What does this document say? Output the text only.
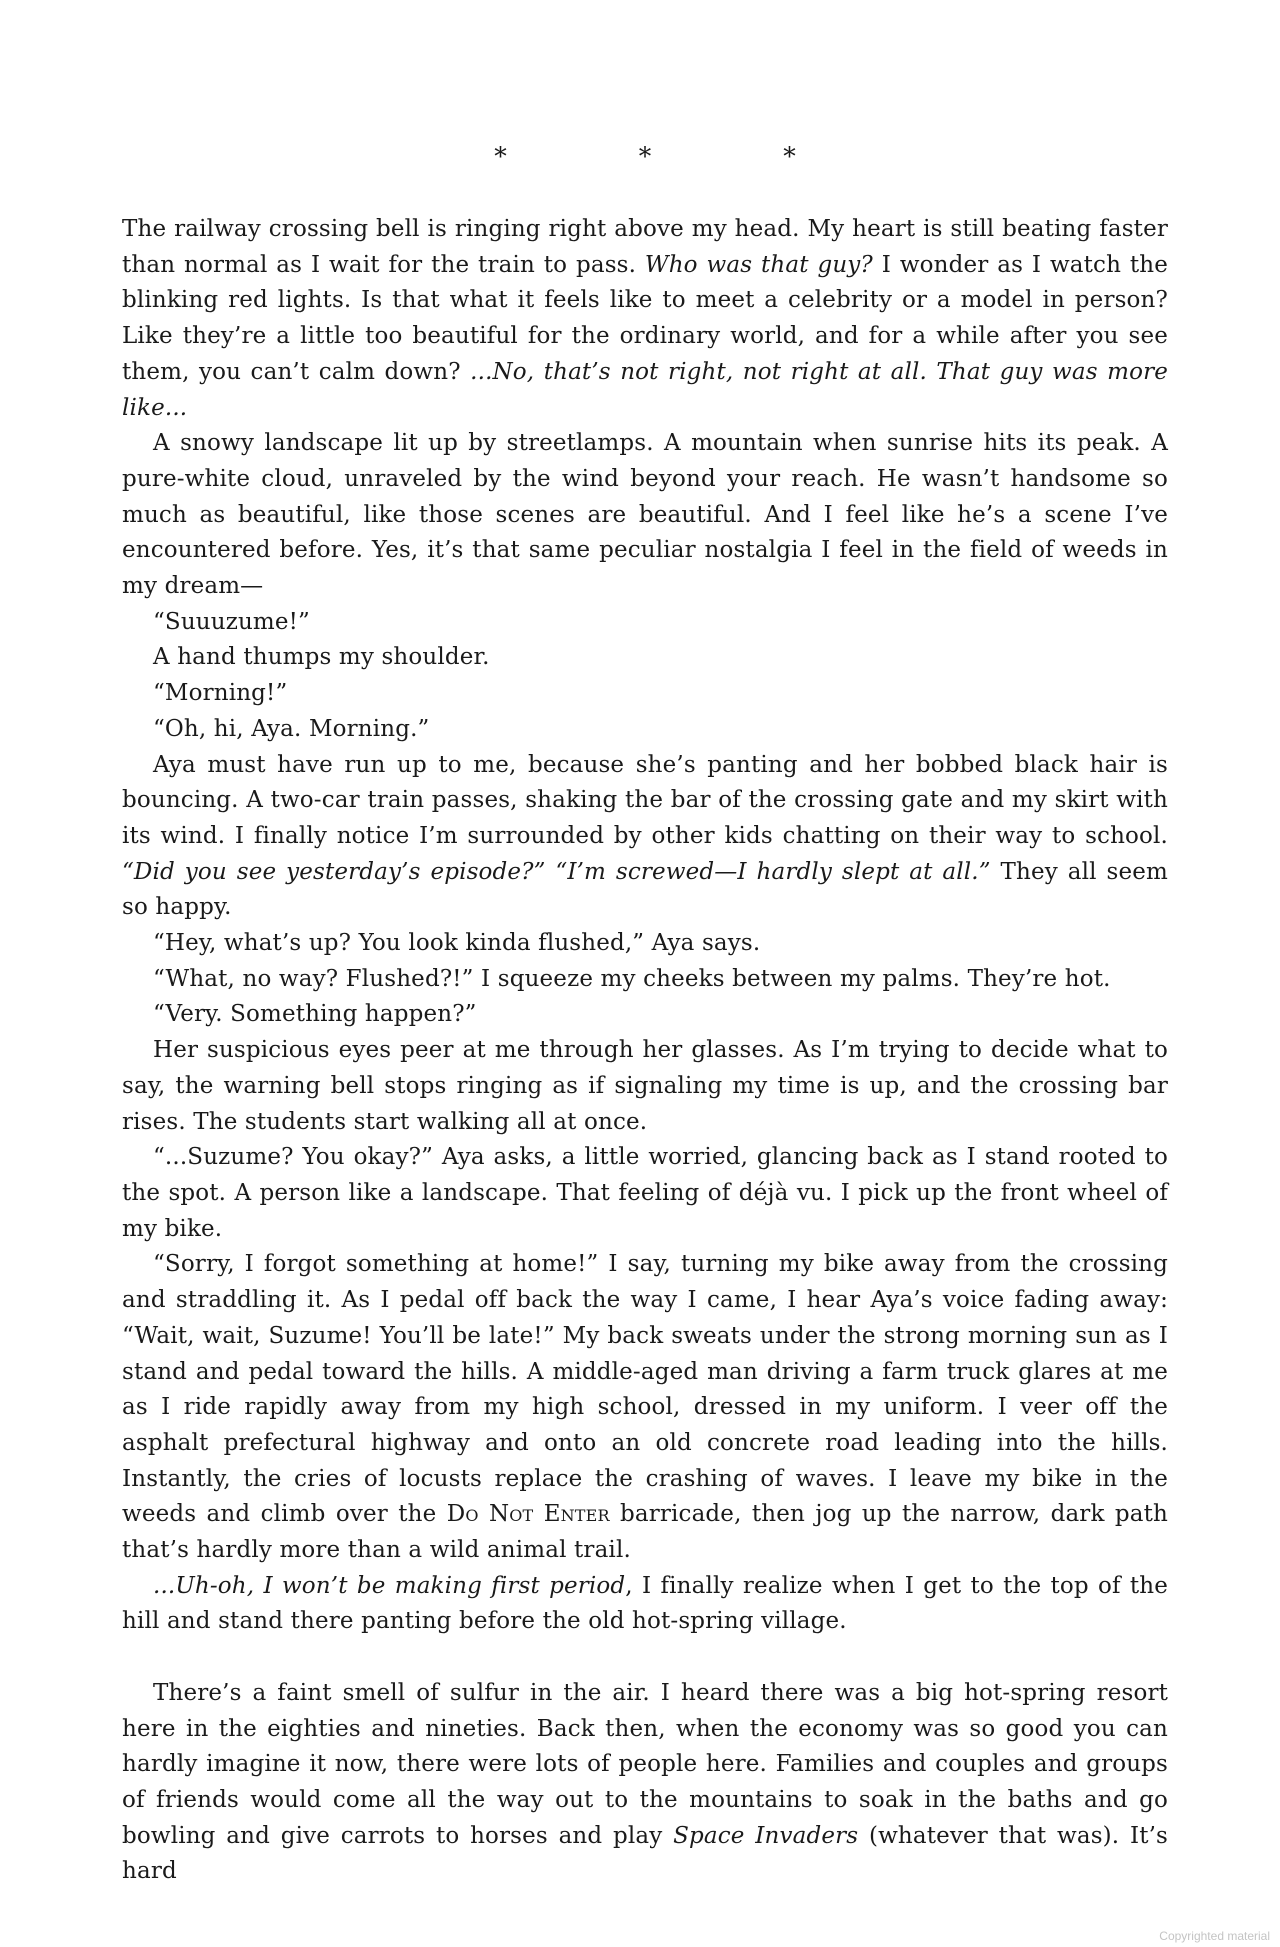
* * *

The railway crossing bell is ringing right above my head. My heart is still beating faster than normal as I wait for the train to pass. Who was that guy? I wonder as I watch the blinking red lights. Is that what it feels like to meet a celebrity or a model in person? Like they’re a little too beautiful for the ordinary world, and for a while after you see them, you can’t calm down? ...No, that’s not right, not right at all. That guy was more like...

A snowy landscape lit up by streetlamps. A mountain when sunrise hits its peak. A pure-white cloud, unraveled by the wind beyond your reach. He wasn’t handsome so much as beautiful, like those scenes are beautiful. And I feel like he’s a scene I’ve encountered before. Yes, it’s that same peculiar nostalgia I feel in the field of weeds in my dream—

“Suuuzume!”

A hand thumps my shoulder.

“Morning!”

“Oh, hi, Aya. Morning.”

Aya must have run up to me, because she’s panting and her bobbed black hair is bouncing. A two-car train passes, shaking the bar of the crossing gate and my skirt with its wind. I finally notice I’m surrounded by other kids chatting on their way to school. “Did you see yesterday’s episode?” “I’m screwed—I hardly slept at all.” They all seem so happy.

“Hey, what’s up? You look kinda flushed,” Aya says.

“What, no way? Flushed?!” I squeeze my cheeks between my palms. They’re hot.

“Very. Something happen?”

Her suspicious eyes peer at me through her glasses. As I’m trying to decide what to say, the warning bell stops ringing as if signaling my time is up, and the crossing bar rises. The students start walking all at once.

“...Suzume? You okay?” Aya asks, a little worried, glancing back as I stand rooted to the spot. A person like a landscape. That feeling of déjà vu. I pick up the front wheel of my bike.

“Sorry, I forgot something at home!” I say, turning my bike away from the crossing and straddling it. As I pedal off back the way I came, I hear Aya’s voice fading away: “Wait, wait, Suzume! You’ll be late!” My back sweats under the strong morning sun as I stand and pedal toward the hills. A middle-aged man driving a farm truck glares at me as I ride rapidly away from my high school, dressed in my uniform. I veer off the asphalt prefectural highway and onto an old concrete road leading into the hills. Instantly, the cries of locusts replace the crashing of waves. I leave my bike in the weeds and climb over the Do Not Enter barricade, then jog up the narrow, dark path that’s hardly more than a wild animal trail.

...Uh-oh, I won’t be making first period, I finally realize when I get to the top of the hill and stand there panting before the old hot-spring village.

There’s a faint smell of sulfur in the air. I heard there was a big hot-spring resort here in the eighties and nineties. Back then, when the economy was so good you can hardly imagine it now, there were lots of people here. Families and couples and groups of friends would come all the way out to the mountains to soak in the baths and go bowling and give carrots to horses and play Space Invaders (whatever that was). It’s hard

Copyrighted material
